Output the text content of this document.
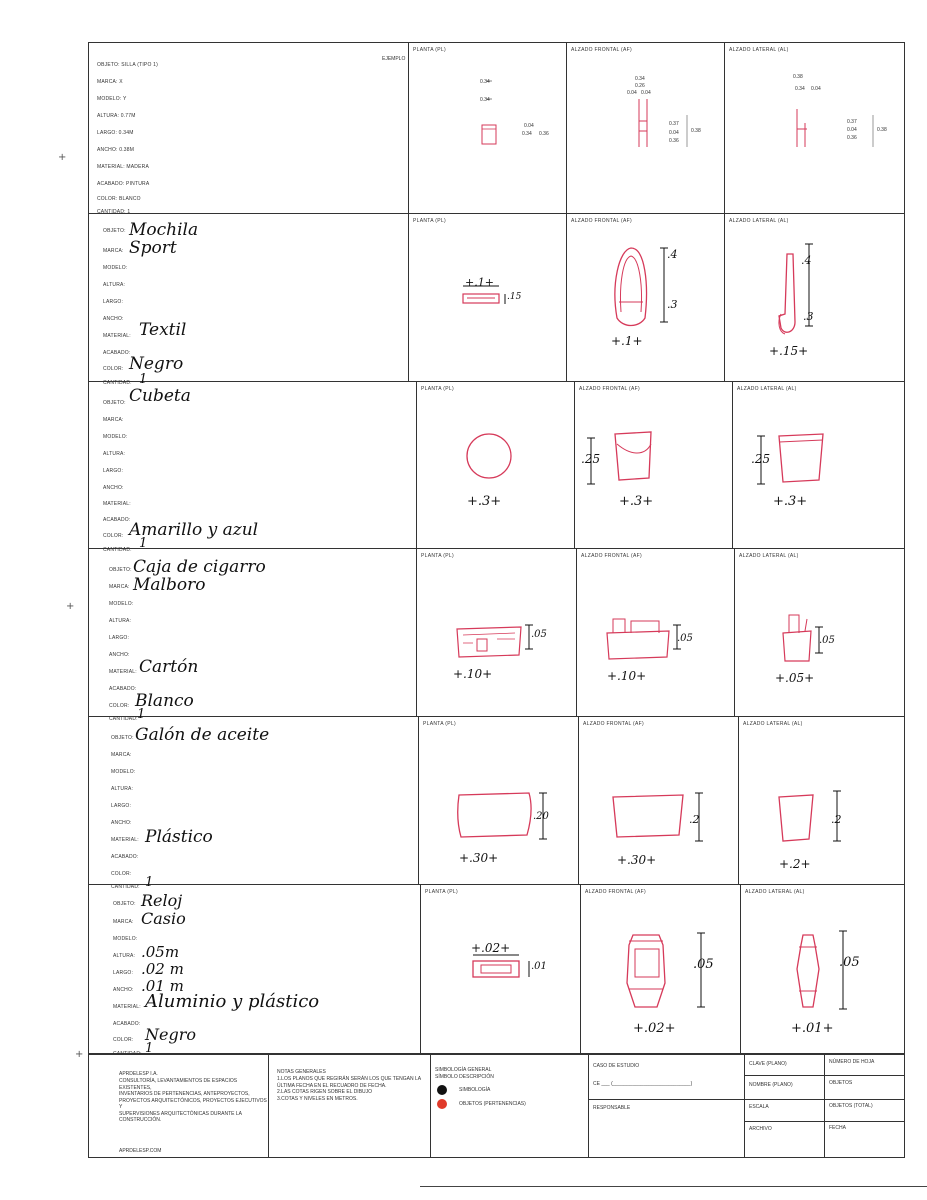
+
+
+
OBJETO: SILLA (TIPO 1)
MARCA: X
MODELO: Y
ALTURA: 0.77M
LARGO: 0.34M
ANCHO: 0.38M
MATERIAL: MADERA
ACABADO: PINTURA
COLOR: BLANCO
CANTIDAD: 1
EJEMPLO
PLANTA (PL)
0.34
0.34
0.04
0.34 0.36
ALZADO FRONTAL (AF)
0.34
0.26
0.04 0.04
0.37
0.04 0.38
0.36
ALZADO LATERAL (AL)
0.38
0.34 0.04
0.37
0.04	0.38
0.36
OBJETO:
MARCA:
MODELO:
ALTURA:
LARGO:
ANCHO:
MATERIAL:
ACABADO:
COLOR:
CANTIDAD:
Mochila
Sport
Textil
Negro
1
PLANTA (PL)
+.1+
.15
ALZADO FRONTAL (AF)
.4
.3
+.1+
ALZADO LATERAL (AL)
.4
.3
+.15+
OBJETO:
MARCA:
MODELO:
ALTURA:
LARGO:
ANCHO:
MATERIAL:
ACABADO:
COLOR:
CANTIDAD:
Cubeta
Amarillo y azul
1
PLANTA (PL)
+.3+
ALZADO FRONTAL (AF)
.25
+.3+
ALZADO LATERAL (AL)
.25
+.3+
OBJETO:
MARCA:
MODELO:
ALTURA:
LARGO:
ANCHO:
MATERIAL:
ACABADO:
COLOR:
CANTIDAD:
Caja de cigarro
Malboro
Cartón
Blanco
1
PLANTA (PL)
.05
+.10+
ALZADO FRONTAL (AF)
.05
+.10+
ALZADO LATERAL (AL)
.05
+.05+
OBJETO:
MARCA:
MODELO:
ALTURA:
LARGO:
ANCHO:
MATERIAL:
ACABADO:
COLOR:
CANTIDAD:
Galón de aceite
Plástico
1
PLANTA (PL)
.20
+.30+
ALZADO FRONTAL (AF)
.2
+.30+
ALZADO LATERAL (AL)
.2
+.2+
OBJETO:
MARCA:
MODELO:
ALTURA:
LARGO:
ANCHO:
MATERIAL:
ACABADO:
COLOR:
CANTIDAD:
Reloj
Casio
.05m
.02 m
.01 m
Aluminio y plástico
Negro
1
PLANTA (PL)
+.02+
.01
ALZADO FRONTAL (AF)
.05
+.02+
ALZADO LATERAL (AL)
.05
+.01+
APRDELESP I.A.
CONSULTORÍA, LEVANTAMIENTOS DE ESPACIOS EXISTENTES,
INVENTARIOS DE PERTENENCIAS, ANTEPROYECTOS,
PROYECTOS ARQUITECTÓNICOS, PROYECTOS EJECUTIVOS Y
SUPERVISIONES ARQUITECTÓNICAS DURANTE LA
CONSTRUCCIÓN.
APRDELESP.COM
NOTAS GENERALES
1.LOS PLANOS QUE REGIRÁN SERÁN LOS QUE TENGAN LA
ÚLTIMA FECHA EN EL RECUADRO DE FECHA.
2.LAS COTAS RIGEN SOBRE EL DIBUJO
3.COTAS Y NIVELES EN METROS.
SIMBOLOGÍA GENERAL
SÍMBOLO DESCRIPCIÓN
SIMBOLOGÍA
OBJETOS (PERTENENCIAS)
CASO DE ESTUDIO
CE ___ (____________________________)
RESPONSABLE
CLAVE (PLANO)
NOMBRE (PLANO)
ESCALA
ARCHIVO
NÚMERO DE HOJA
OBJETOS
OBJETOS (TOTAL)
FECHA
